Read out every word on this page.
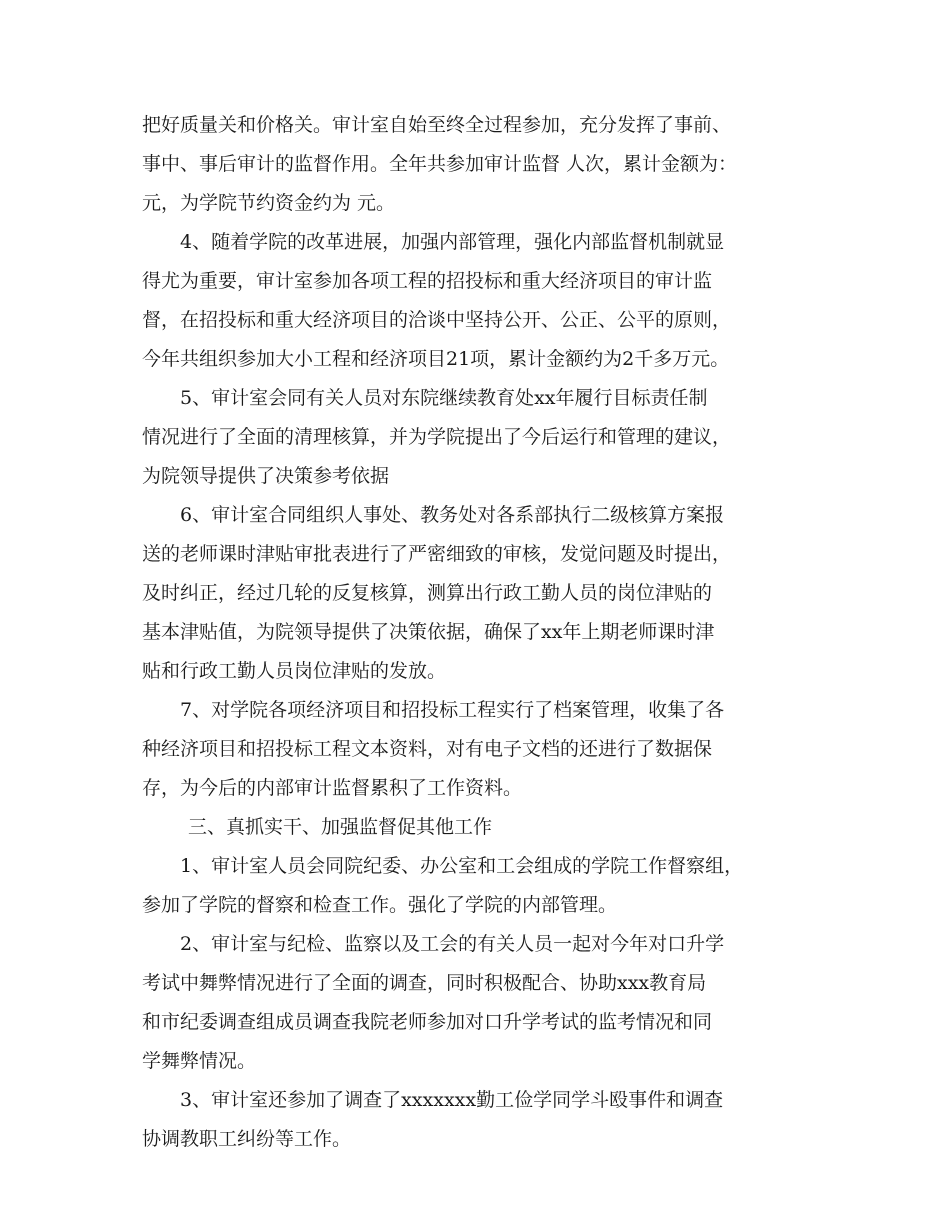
把好质量关和价格关。审计室自始至终全过程参加，充分发挥了事前、

事中、事后审计的监督作用。全年共参加审计监督 人次，累计金额为：

元，为学院节约资金约为 元。

4、随着学院的改革进展，加强内部管理，强化内部监督机制就显

得尤为重要，审计室参加各项工程的招投标和重大经济项目的审计监

督，在招投标和重大经济项目的洽谈中坚持公开、公正、公平的原则，

今年共组织参加大小工程和经济项目21项，累计金额约为2千多万元。

5、审计室会同有关人员对东院继续教育处xx年履行目标责任制

情况进行了全面的清理核算，并为学院提出了今后运行和管理的建议，

为院领导提供了决策参考依据

6、审计室合同组织人事处、教务处对各系部执行二级核算方案报

送的老师课时津贴审批表进行了严密细致的审核，发觉问题及时提出，

及时纠正，经过几轮的反复核算，测算出行政工勤人员的岗位津贴的

基本津贴值，为院领导提供了决策依据，确保了xx年上期老师课时津

贴和行政工勤人员岗位津贴的发放。

7、对学院各项经济项目和招投标工程实行了档案管理，收集了各

种经济项目和招投标工程文本资料，对有电子文档的还进行了数据保

存，为今后的内部审计监督累积了工作资料。

三、真抓实干、加强监督促其他工作

1、审计室人员会同院纪委、办公室和工会组成的学院工作督察组，

参加了学院的督察和检查工作。强化了学院的内部管理。

2、审计室与纪检、监察以及工会的有关人员一起对今年对口升学

考试中舞弊情况进行了全面的调查，同时积极配合、协助xxx教育局

和市纪委调查组成员调查我院老师参加对口升学考试的监考情况和同

学舞弊情况。

3、审计室还参加了调查了xxxxxxx勤工俭学同学斗殴事件和调查

协调教职工纠纷等工作。
